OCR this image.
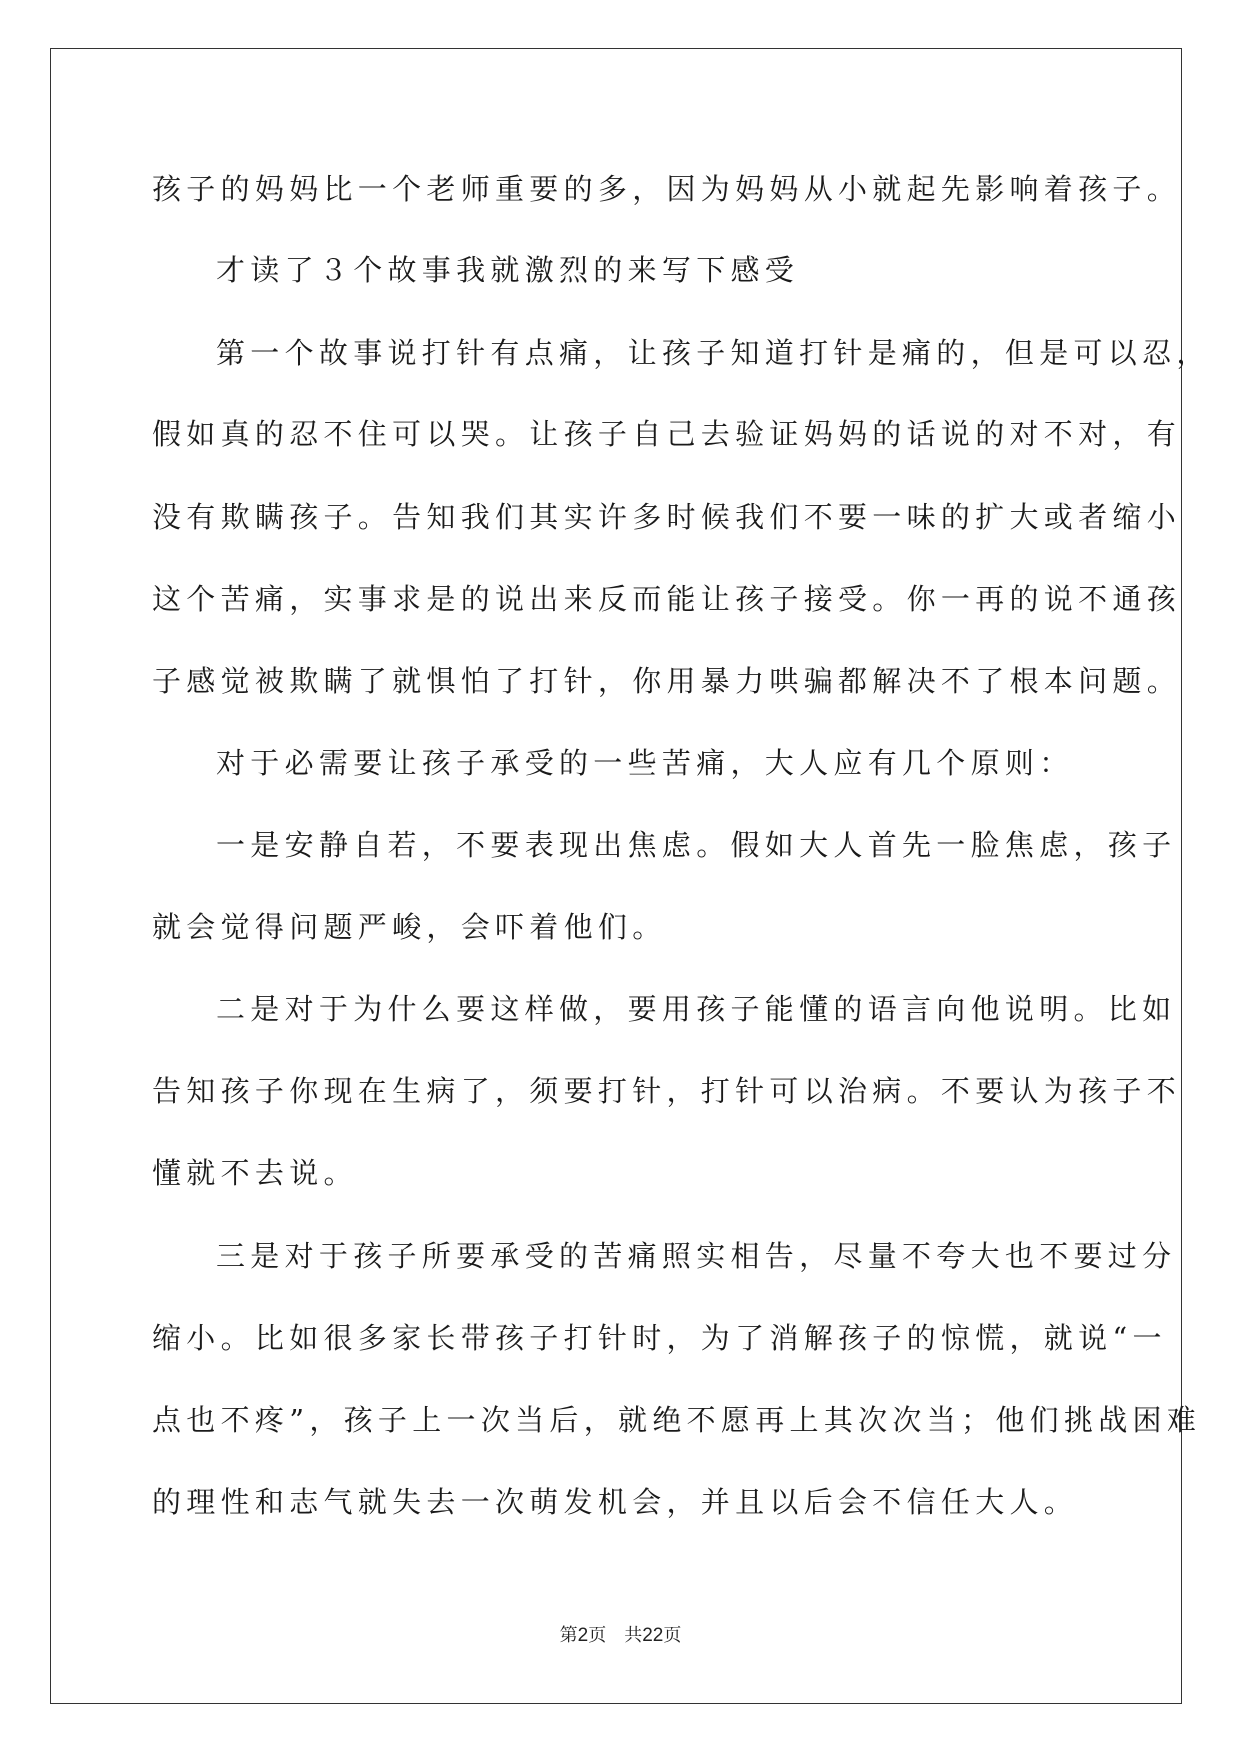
孩子的妈妈比一个老师重要的多，因为妈妈从小就起先影响着孩子。
才读了３个故事我就激烈的来写下感受
第一个故事说打针有点痛，让孩子知道打针是痛的，但是可以忍，
假如真的忍不住可以哭。让孩子自己去验证妈妈的话说的对不对，有
没有欺瞒孩子。告知我们其实许多时候我们不要一味的扩大或者缩小
这个苦痛，实事求是的说出来反而能让孩子接受。你一再的说不通孩
子感觉被欺瞒了就惧怕了打针，你用暴力哄骗都解决不了根本问题。
对于必需要让孩子承受的一些苦痛，大人应有几个原则：
一是安静自若，不要表现出焦虑。假如大人首先一脸焦虑，孩子
就会觉得问题严峻，会吓着他们。
二是对于为什么要这样做，要用孩子能懂的语言向他说明。比如
告知孩子你现在生病了，须要打针，打针可以治病。不要认为孩子不
懂就不去说。
三是对于孩子所要承受的苦痛照实相告，尽量不夸大也不要过分
缩小。比如很多家长带孩子打针时，为了消解孩子的惊慌，就说“一
点也不疼”，孩子上一次当后，就绝不愿再上其次次当；他们挑战困难
的理性和志气就失去一次萌发机会，并且以后会不信任大人。
第2页 共22页
